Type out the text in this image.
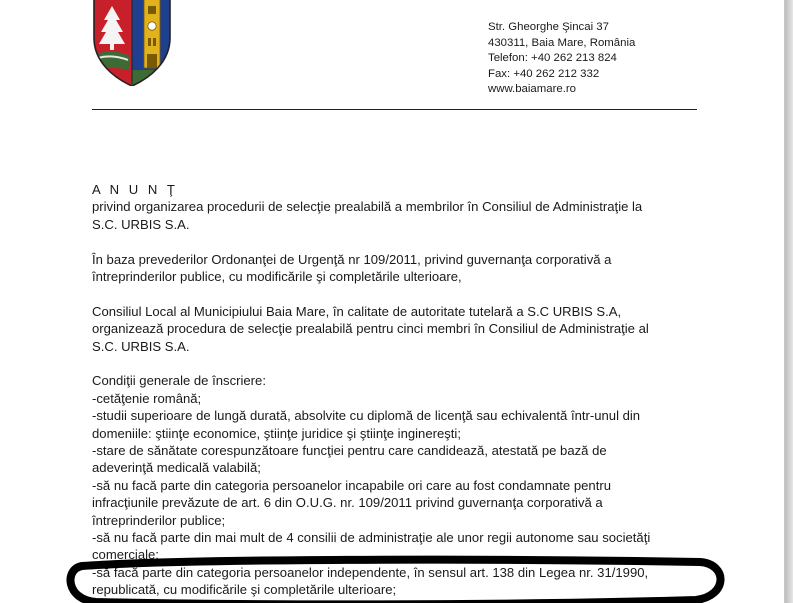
Str. Gheorghe Şincai 37
430311, Baia Mare, România
Telefon: +40 262 213 824
Fax: +40 262 212 332
www.baiamare.ro
A N U N Ţ
privind organizarea procedurii de selecţie prealabilă a membrilor în Consiliul de Administraţie la
S.C. URBIS S.A.
În baza prevederilor Ordonanţei de Urgenţă nr 109/2011, privind guvernanţa corporativă a
întreprinderilor publice, cu modificările şi completările ulterioare,
Consiliul Local al Municipiului Baia Mare, în calitate de autoritate tutelară a S.C URBIS S.A,
organizează procedura de selecţie prealabilă pentru cinci membri în Consiliul de Administraţie al
S.C. URBIS S.A.
Condiţii generale de înscriere:
-cetăţenie română;
-studii superioare de lungă durată, absolvite cu diplomă de licenţă sau echivalentă într-unul din
domeniile: ştiinţe economice, ştiinţe juridice şi ştiinţe inginereşti;
-stare de sănătate corespunzătoare funcţiei pentru care candidează, atestată pe bază de
adeverinţă medicală valabilă;
-să nu facă parte din categoria persoanelor incapabile ori care au fost condamnate pentru
infracţiunile prevăzute de art. 6 din O.U.G. nr. 109/2011 privind guvernanţa corporativă a
întreprinderilor publice;
-să nu facă parte din mai mult de 4 consilii de administraţie ale unor regii autonome sau societăţi
comerciale;
-să facă parte din categoria persoanelor independente, în sensul art. 138 din Legea nr. 31/1990,
republicată, cu modificările şi completările ulterioare;
